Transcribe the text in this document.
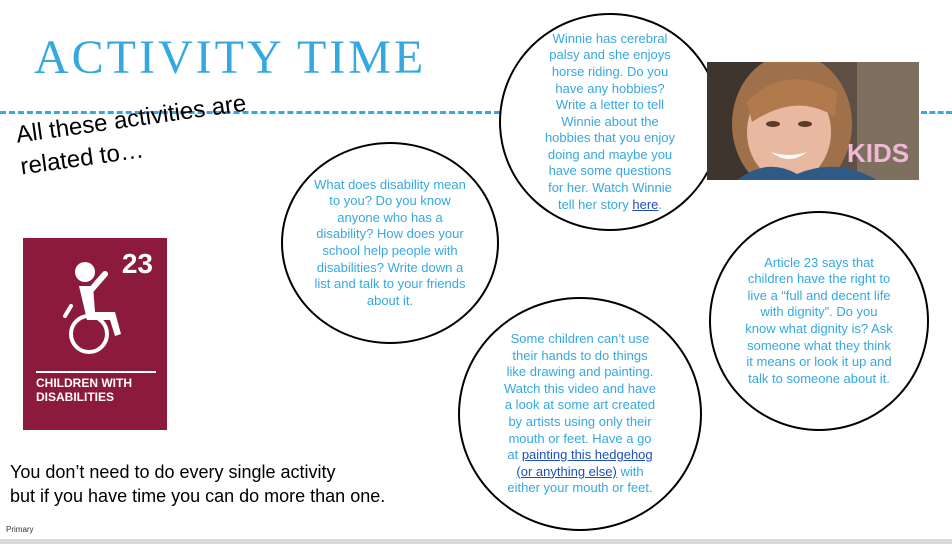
ACTIVITY TIME
All these activities are
related to…
23
CHILDREN WITH
DISABILITIES
You don’t need to do every single activity
but if you have time you can do more than one.
Primary

What does disability mean to you? Do you know anyone who has a disability? How does your school help people with disabilities? Write down a list and talk to your friends about it.

Winnie has cerebral palsy and she enjoys horse riding. Do you have any hobbies? Write a letter to tell Winnie about the hobbies that you enjoy doing and maybe you have some questions for her. Watch Winnie tell her story here.

KIDS

Some children can’t use their hands to do things like drawing and painting. Watch this video and have a look at some art created by artists using only their mouth or feet. Have a go at painting this hedgehog (or anything else) with either your mouth or feet.

Article 23 says that children have the right to live a “full and decent life with dignity”. Do you know what dignity is? Ask someone what they think it means or look it up and talk to someone about it.
